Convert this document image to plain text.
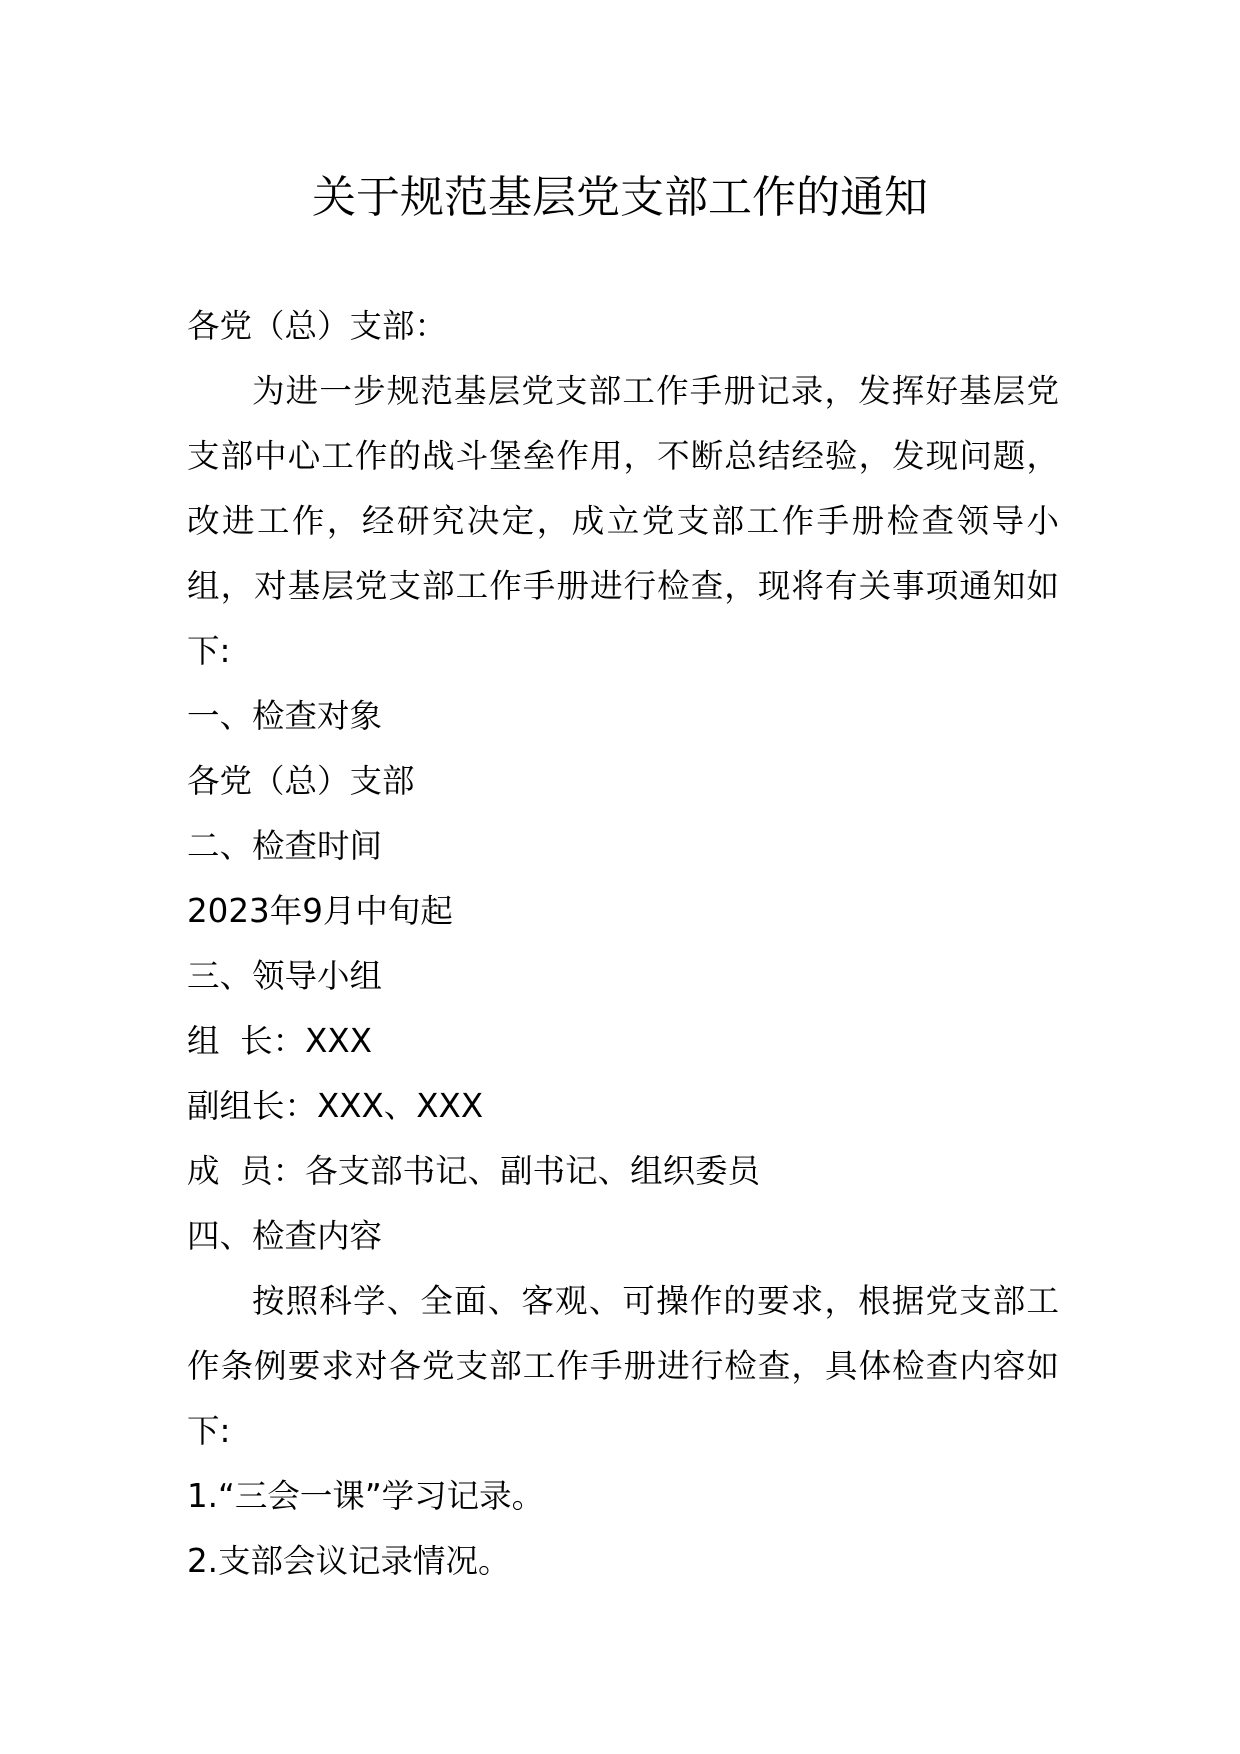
关于规范基层党支部工作的通知

各党（总）支部：

为进一步规范基层党支部工作手册记录，发挥好基层党支部中心工作的战斗堡垒作用，不断总结经验，发现问题，改进工作，经研究决定，成立党支部工作手册检查领导小组，对基层党支部工作手册进行检查，现将有关事项通知如下:

一、检查对象

各党（总）支部

二、检查时间

2023年9月中旬起

三、领导小组

组  长：XXX

副组长：XXX、XXX

成  员：各支部书记、副书记、组织委员

四、检查内容

按照科学、全面、客观、可操作的要求，根据党支部工作条例要求对各党支部工作手册进行检查，具体检查内容如下:

1.“三会一课”学习记录。

2.支部会议记录情况。
